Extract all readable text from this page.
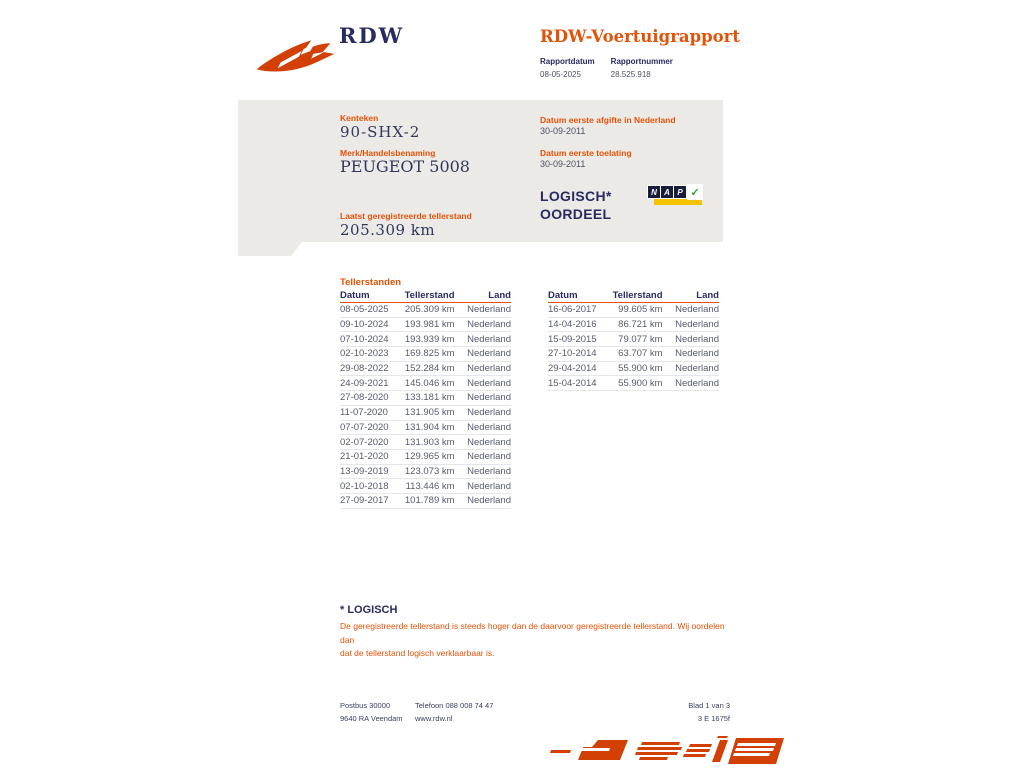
RDW	RDW-Voertuigrapport
Rapportdatum
08-05-2025
Rapportnummer
28.525.918
Kenteken
90-SHX-2
Merk/Handelsbenaming
PEUGEOT 5008
Laatst geregistreerde tellerstand
205.309 km
Datum eerste afgifte in Nederland
30-09-2011
Datum eerste toelating
30-09-2011
LOGISCH*
OORDEEL
N A P ✓
Tellerstanden
Datum	Tellerstand	Land
08-05-2025	205.309 km	Nederland
09-10-2024	193.981 km	Nederland
07-10-2024	193.939 km	Nederland
02-10-2023	169.825 km	Nederland
29-08-2022	152.284 km	Nederland
24-09-2021	145.046 km	Nederland
27-08-2020	133.181 km	Nederland
11-07-2020	131.905 km	Nederland
07-07-2020	131.904 km	Nederland
02-07-2020	131.903 km	Nederland
21-01-2020	129.965 km	Nederland
13-09-2019	123.073 km	Nederland
02-10-2018	113.446 km	Nederland
27-09-2017	101.789 km	Nederland
Datum	Tellerstand	Land
16-06-2017	99.605 km	Nederland
14-04-2016	86.721 km	Nederland
15-09-2015	79.077 km	Nederland
27-10-2014	63.707 km	Nederland
29-04-2014	55.900 km	Nederland
15-04-2014	55.900 km	Nederland
* LOGISCH
De geregistreerde tellerstand is steeds hoger dan de daarvoor geregistreerde tellerstand. Wij oordelen dan
dat de tellerstand logisch verklaarbaar is.
Postbus 30000
9640 RA Veendam
Telefoon 088 008 74 47
www.rdw.nl
Blad 1 van 3
3 E 1675f
